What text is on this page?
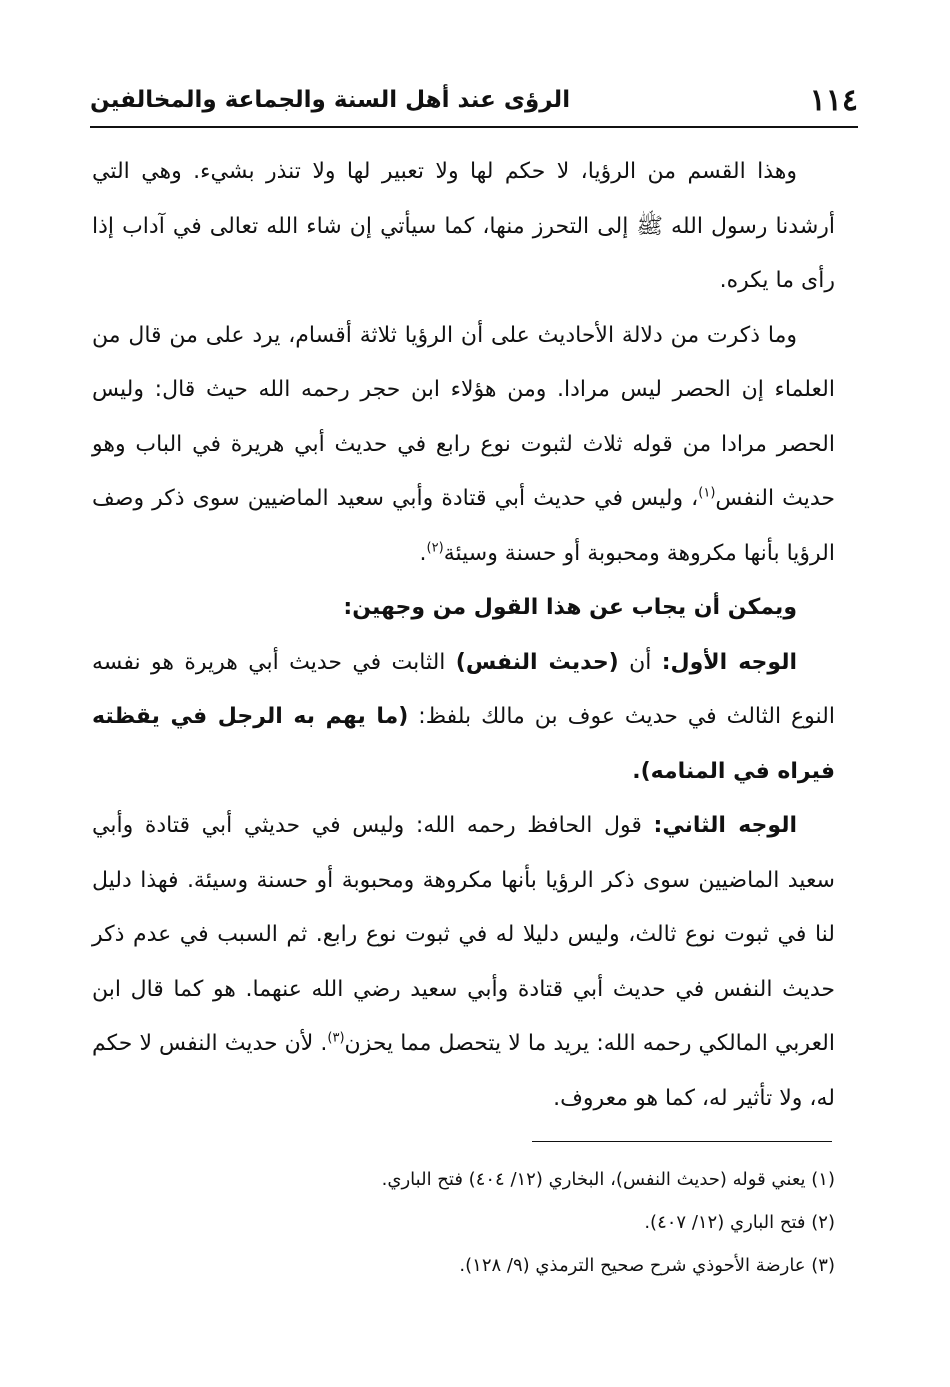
١١٤
الرؤى عند أهل السنة والجماعة والمخالفين

وهذا القسم من الرؤيا، لا حكم لها ولا تعبير لها ولا تنذر بشيء. وهي التي أرشدنا رسول الله ﷺ إلى التحرز منها، كما سيأتي إن شاء الله تعالى في آداب إذا رأى ما يكره.

وما ذكرت من دلالة الأحاديث على أن الرؤيا ثلاثة أقسام، يرد على من قال من العلماء إن الحصر ليس مرادا. ومن هؤلاء ابن حجر رحمه الله حيث قال: وليس الحصر مرادا من قوله ثلاث لثبوت نوع رابع في حديث أبي هريرة في الباب وهو حديث النفس$^{(١)}$، وليس في حديث أبي قتادة وأبي سعيد الماضيين سوى ذكر وصف الرؤيا بأنها مكروهة ومحبوبة أو حسنة وسيئة$^{(٢)}$.

ويمكن أن يجاب عن هذا القول من وجهين:

الوجه الأول: أن (حديث النفس) الثابت في حديث أبي هريرة هو نفسه النوع الثالث في حديث عوف بن مالك بلفظ: (ما يهم به الرجل في يقظته فيراه في المنامه).

الوجه الثاني: قول الحافظ رحمه الله: وليس في حديثي أبي قتادة وأبي سعيد الماضيين سوى ذكر الرؤيا بأنها مكروهة ومحبوبة أو حسنة وسيئة. فهذا دليل لنا في ثبوت نوع ثالث، وليس دليلا له في ثبوت نوع رابع. ثم السبب في عدم ذكر حديث النفس في حديث أبي قتادة وأبي سعيد رضي الله عنهما. هو كما قال ابن العربي المالكي رحمه الله: يريد ما لا يتحصل مما يحزن$^{(٣)}$. لأن حديث النفس لا حكم له، ولا تأثير له، كما هو معروف.

(١) يعني قوله (حديث النفس)، البخاري (١٢/ ٤٠٤) فتح الباري.

(٢) فتح الباري (١٢/ ٤٠٧).

(٣) عارضة الأحوذي شرح صحيح الترمذي (٩/ ١٢٨).
